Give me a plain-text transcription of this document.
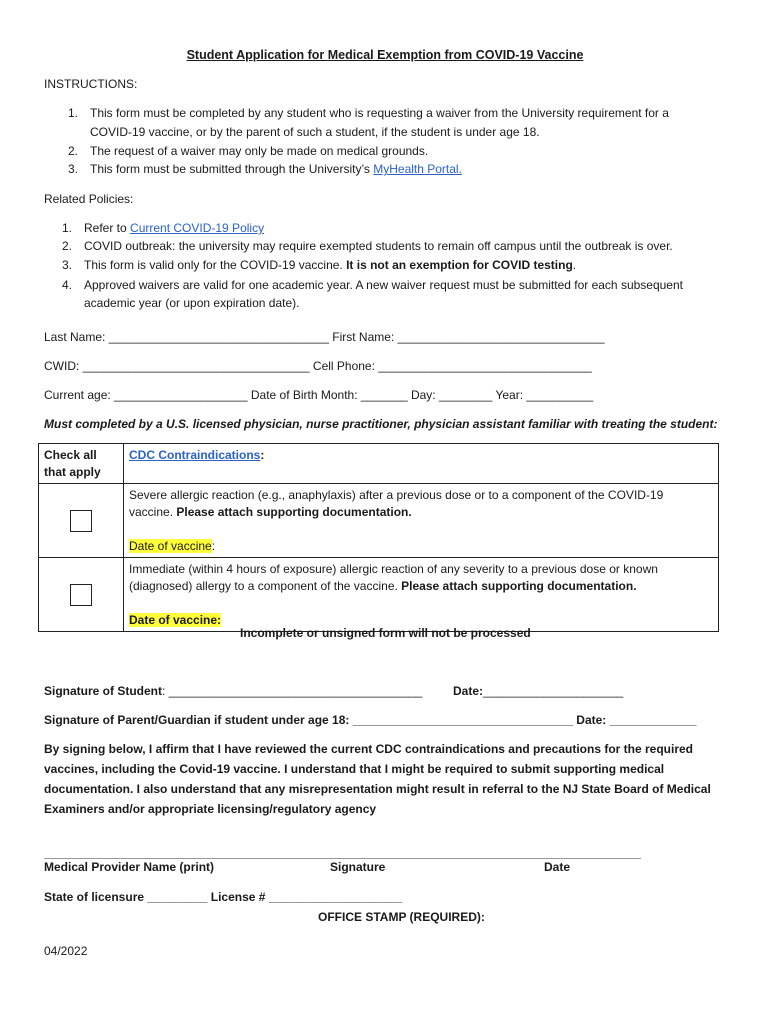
Student Application for Medical Exemption from COVID-19 Vaccine
INSTRUCTIONS:
1. This form must be completed by any student who is requesting a waiver from the University requirement for a
COVID-19 vaccine, or by the parent of such a student, if the student is under age 18.
2. The request of a waiver may only be made on medical grounds.
3. This form must be submitted through the University’s MyHealth Portal.
Related Policies:
1. Refer to Current COVID-19 Policy
2. COVID outbreak: the university may require exempted students to remain off campus until the outbreak is over.
3. This form is valid only for the COVID-19 vaccine. It is not an exemption for COVID testing.
4. Approved waivers are valid for one academic year. A new waiver request must be submitted for each subsequent
academic year (or upon expiration date).
Last Name: _________________________________ First Name: _______________________________
CWID: __________________________________ Cell Phone: ________________________________
Current age: ____________________ Date of Birth Month: _______ Day: ________ Year: __________
Must completed by a U.S. licensed physician, nurse practitioner, physician assistant familiar with treating the student:
Check all
that apply	CDC Contraindications:

	Severe allergic reaction (e.g., anaphylaxis) after a previous dose or to a component of the COVID-19
vaccine. Please attach supporting documentation.
Date of vaccine:

	Immediate (within 4 hours of exposure) allergic reaction of any severity to a previous dose or known
(diagnosed) allergy to a component of the vaccine. Please attach supporting documentation.
Date of vaccine:
Incomplete or unsigned form will not be processed
Signature of Student: ______________________________________	Date:_____________________
Signature of Parent/Guardian if student under age 18: _________________________________ Date: _____________
By signing below, I affirm that I have reviewed the current CDC contraindications and precautions for the required
vaccines, including the Covid-19 vaccine. I understand that I might be required to submit supporting medical
documentation. I also understand that any misrepresentation might result in referral to the NJ State Board of Medical
Examiners and/or appropriate licensing/regulatory agency
Medical Provider Name (print)	Signature	Date
State of licensure _________ License # ____________________
OFFICE STAMP (REQUIRED):
04/2022
